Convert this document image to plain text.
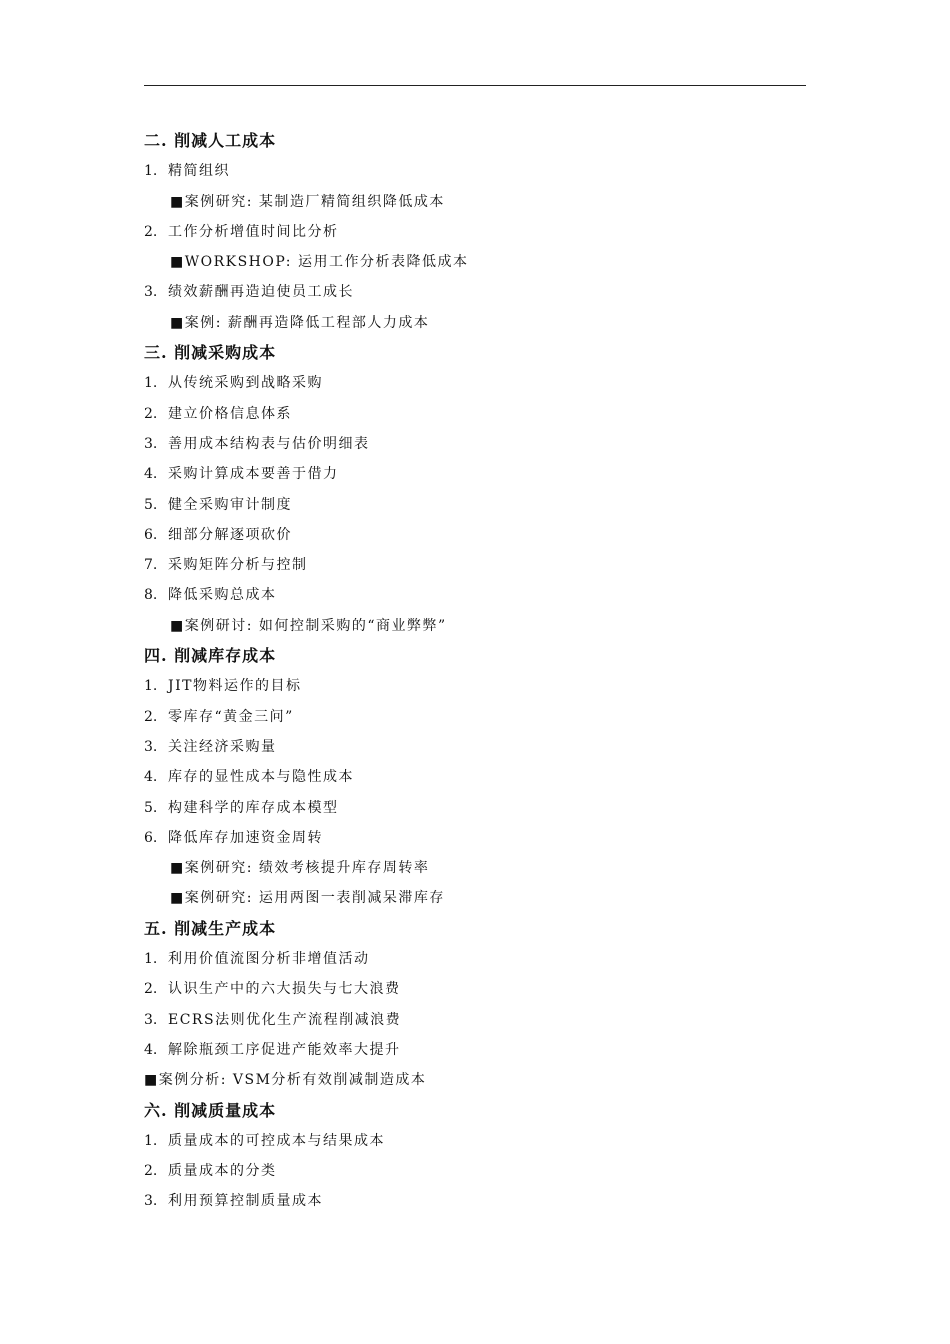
二. 削减人工成本
1. 精简组织
■案例研究: 某制造厂精简组织降低成本
2. 工作分析增值时间比分析
■WORKSHOP: 运用工作分析表降低成本
3. 绩效薪酬再造迫使员工成长
■案例: 薪酬再造降低工程部人力成本
三. 削减采购成本
1. 从传统采购到战略采购
2. 建立价格信息体系
3. 善用成本结构表与估价明细表
4. 采购计算成本要善于借力
5. 健全采购审计制度
6. 细部分解逐项砍价
7. 采购矩阵分析与控制
8. 降低采购总成本
■案例研讨: 如何控制采购的“商业弊弊”
四. 削减库存成本
1. JIT物料运作的目标
2. 零库存“黄金三问”
3. 关注经济采购量
4. 库存的显性成本与隐性成本
5. 构建科学的库存成本模型
6. 降低库存加速资金周转
■案例研究: 绩效考核提升库存周转率
■案例研究: 运用两图一表削减呆滞库存
五. 削减生产成本
1. 利用价值流图分析非增值活动
2. 认识生产中的六大损失与七大浪费
3. ECRS法则优化生产流程削减浪费
4. 解除瓶颈工序促进产能效率大提升
■案例分析: VSM分析有效削减制造成本
六. 削减质量成本
1. 质量成本的可控成本与结果成本
2. 质量成本的分类
3. 利用预算控制质量成本
